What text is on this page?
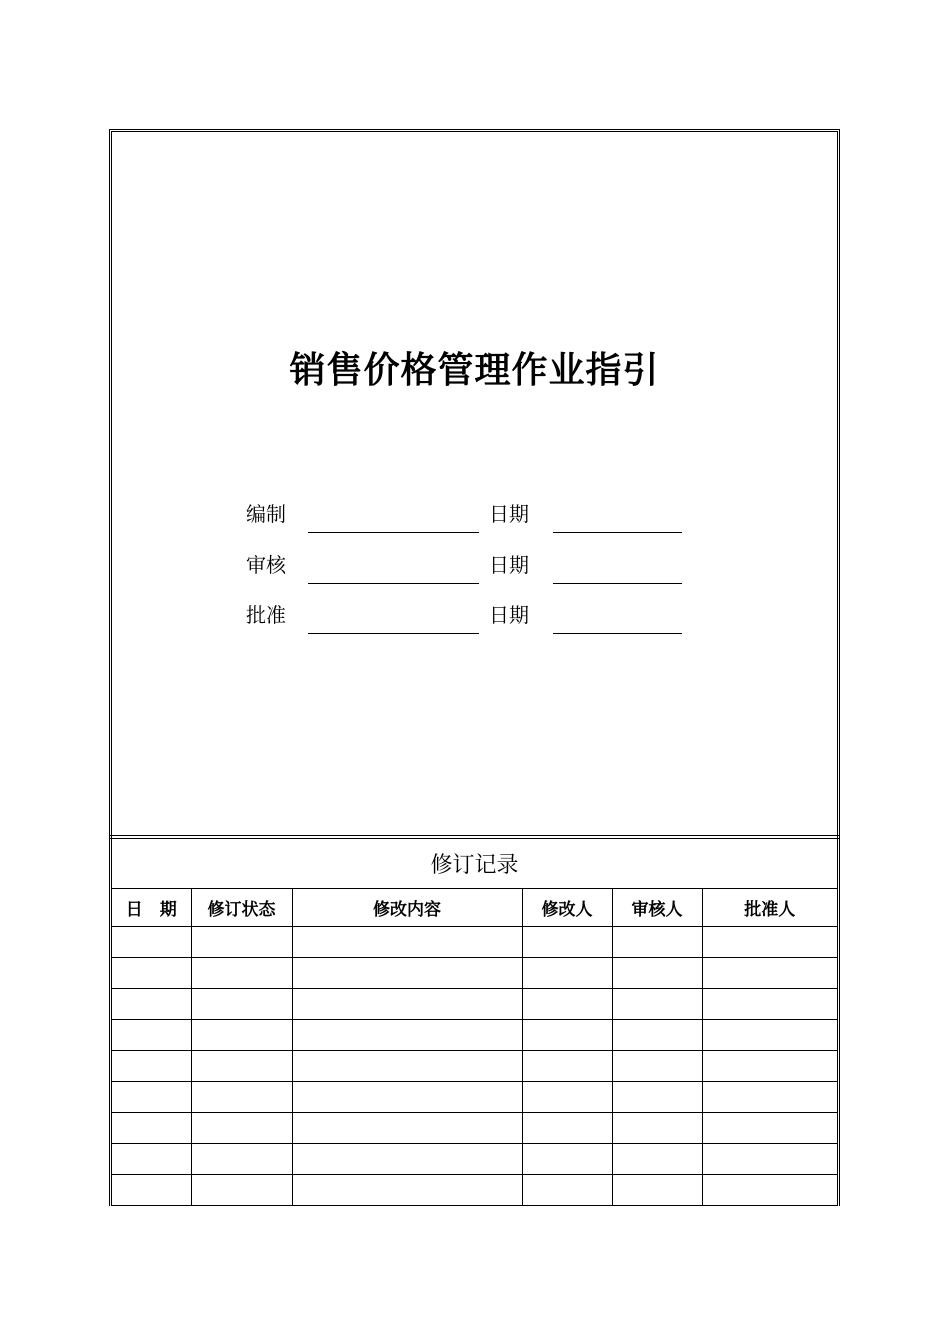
销售价格管理作业指引
编制	日期
审核	日期
批准	日期
修订记录
日　期	修订状态	修改内容	修改人	审核人	批准人
